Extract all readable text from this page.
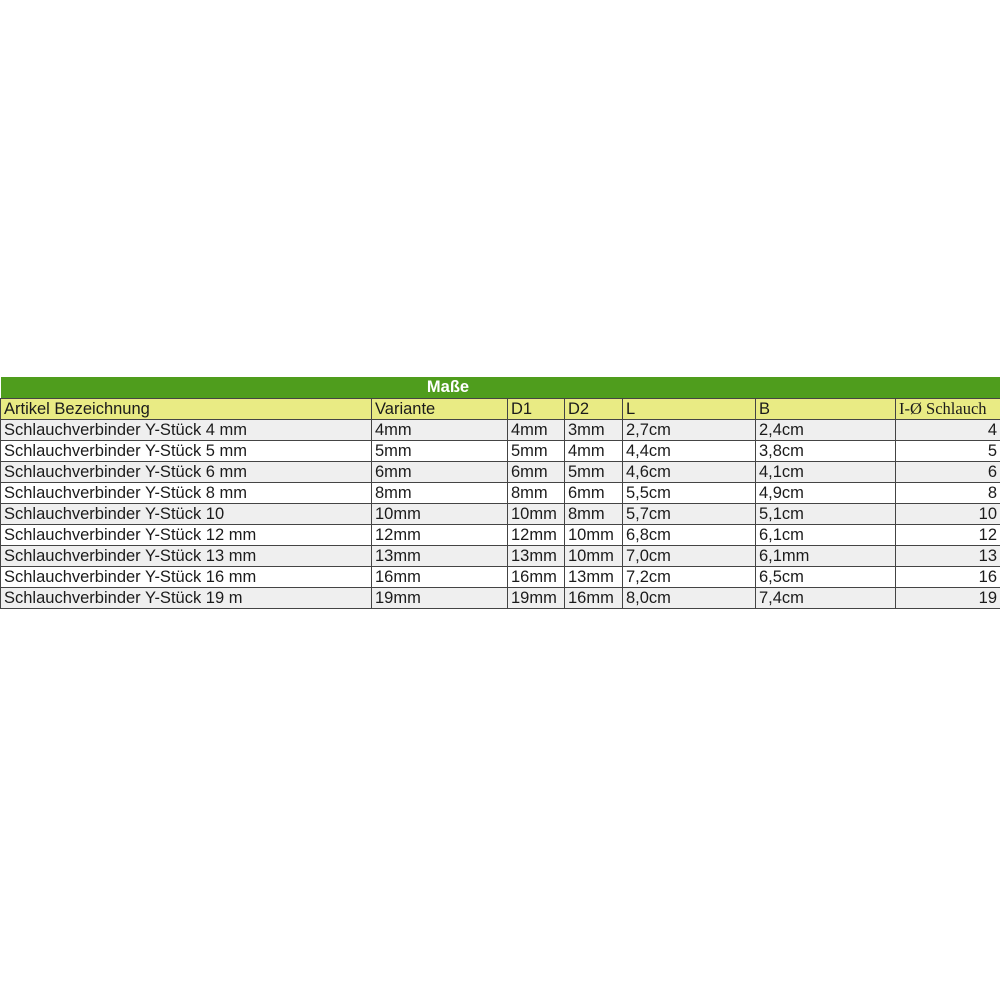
Maße						
Artikel Bezeichnung	Variante	D1	D2	L	B	I-Ø Schlauch
Schlauchverbinder Y-Stück 4 mm	4mm	4mm	3mm	2,7cm	2,4cm	4
Schlauchverbinder Y-Stück 5 mm	5mm	5mm	4mm	4,4cm	3,8cm	5
Schlauchverbinder Y-Stück 6 mm	6mm	6mm	5mm	4,6cm	4,1cm	6
Schlauchverbinder Y-Stück 8 mm	8mm	8mm	6mm	5,5cm	4,9cm	8
Schlauchverbinder Y-Stück 10	10mm	10mm	8mm	5,7cm	5,1cm	10
Schlauchverbinder Y-Stück 12 mm	12mm	12mm	10mm	6,8cm	6,1cm	12
Schlauchverbinder Y-Stück 13 mm	13mm	13mm	10mm	7,0cm	6,1mm	13
Schlauchverbinder Y-Stück 16 mm	16mm	16mm	13mm	7,2cm	6,5cm	16
Schlauchverbinder Y-Stück 19 m	19mm	19mm	16mm	8,0cm	7,4cm	19
